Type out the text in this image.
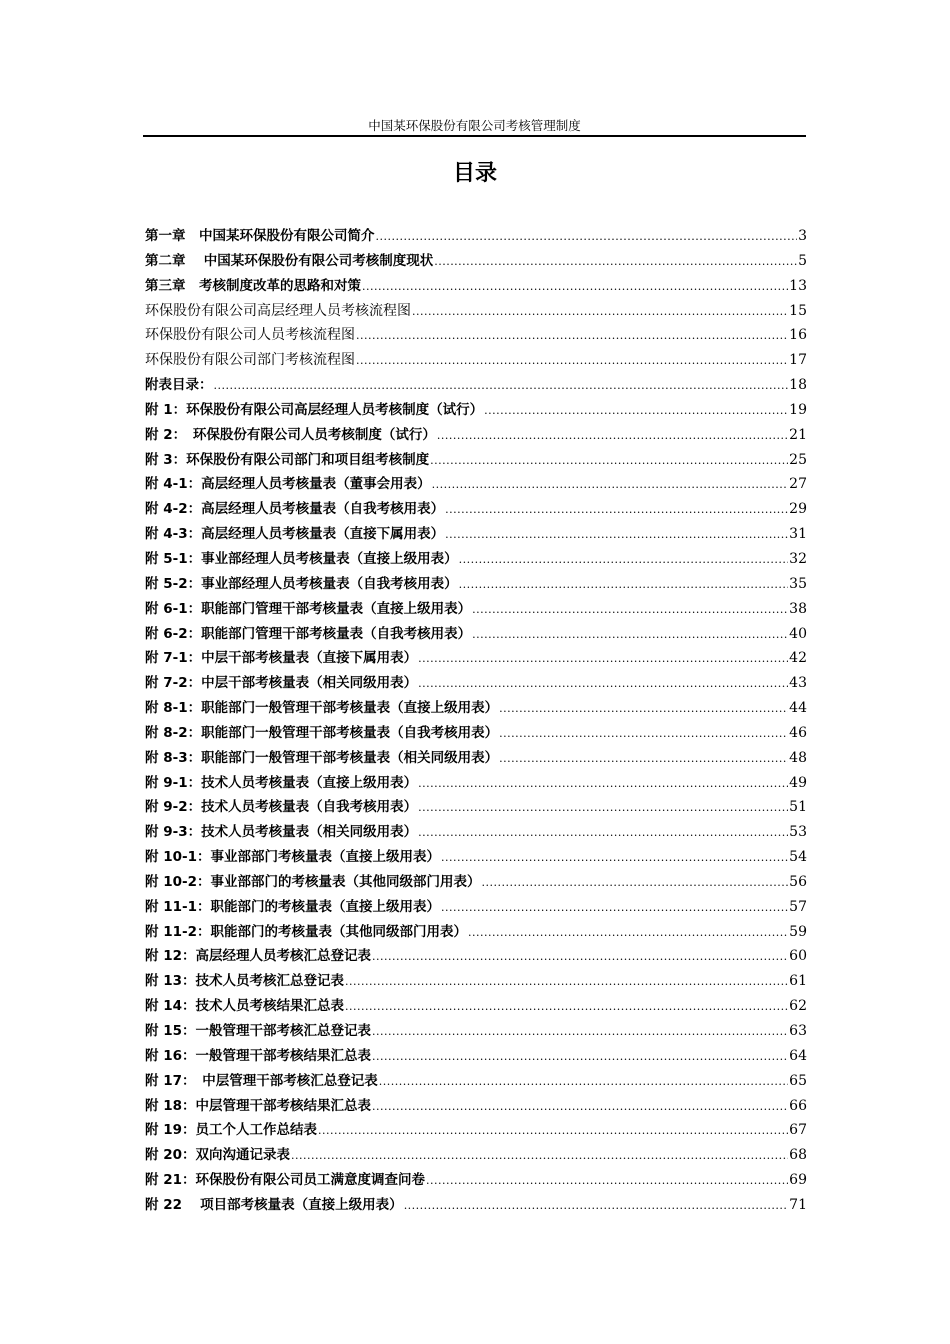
中国某环保股份有限公司考核管理制度
目录
第一章　中国某环保股份有限公司简介 .....	3
第二章　 中国某环保股份有限公司考核制度现状 .....	5
第三章　考核制度改革的思路和对策 .....	13
环保股份有限公司高层经理人员考核流程图 .....	15
环保股份有限公司人员考核流程图 .....	16
环保股份有限公司部门考核流程图 .....	17
附表目录： .....	18
附 1：环保股份有限公司高层经理人员考核制度（试行） .....	19
附 2：　环保股份有限公司人员考核制度（试行） .....	21
附 3：环保股份有限公司部门和项目组考核制度 .....	25
附 4-1：高层经理人员考核量表（董事会用表） .....	27
附 4-2：高层经理人员考核量表（自我考核用表） .....	29
附 4-3：高层经理人员考核量表（直接下属用表） .....	31
附 5-1：事业部经理人员考核量表（直接上级用表） .....	32
附 5-2：事业部经理人员考核量表（自我考核用表） .....	35
附 6-1：职能部门管理干部考核量表（直接上级用表） .....	38
附 6-2：职能部门管理干部考核量表（自我考核用表） .....	40
附 7-1：中层干部考核量表（直接下属用表） .....	42
附 7-2：中层干部考核量表（相关同级用表） .....	43
附 8-1：职能部门一般管理干部考核量表（直接上级用表） .....	44
附 8-2：职能部门一般管理干部考核量表（自我考核用表） .....	46
附 8-3：职能部门一般管理干部考核量表（相关同级用表） .....	48
附 9-1：技术人员考核量表（直接上级用表） .....	49
附 9-2：技术人员考核量表（自我考核用表） .....	51
附 9-3：技术人员考核量表（相关同级用表） .....	53
附 10-1：事业部部门考核量表（直接上级用表） .....	54
附 10-2：事业部部门的考核量表（其他同级部门用表） .....	56
附 11-1：职能部门的考核量表（直接上级用表） .....	57
附 11-2：职能部门的考核量表（其他同级部门用表） .....	59
附 12：高层经理人员考核汇总登记表 .....	60
附 13：技术人员考核汇总登记表 .....	61
附 14：技术人员考核结果汇总表 .....	62
附 15：一般管理干部考核汇总登记表 .....	63
附 16：一般管理干部考核结果汇总表 .....	64
附 17：　中层管理干部考核汇总登记表 .....	65
附 18：中层管理干部考核结果汇总表 .....	66
附 19：员工个人工作总结表 .....	67
附 20：双向沟通记录表 .....	68
附 21：环保股份有限公司员工满意度调查问卷 .....	69
附 22　 项目部考核量表（直接上级用表） .....	71
